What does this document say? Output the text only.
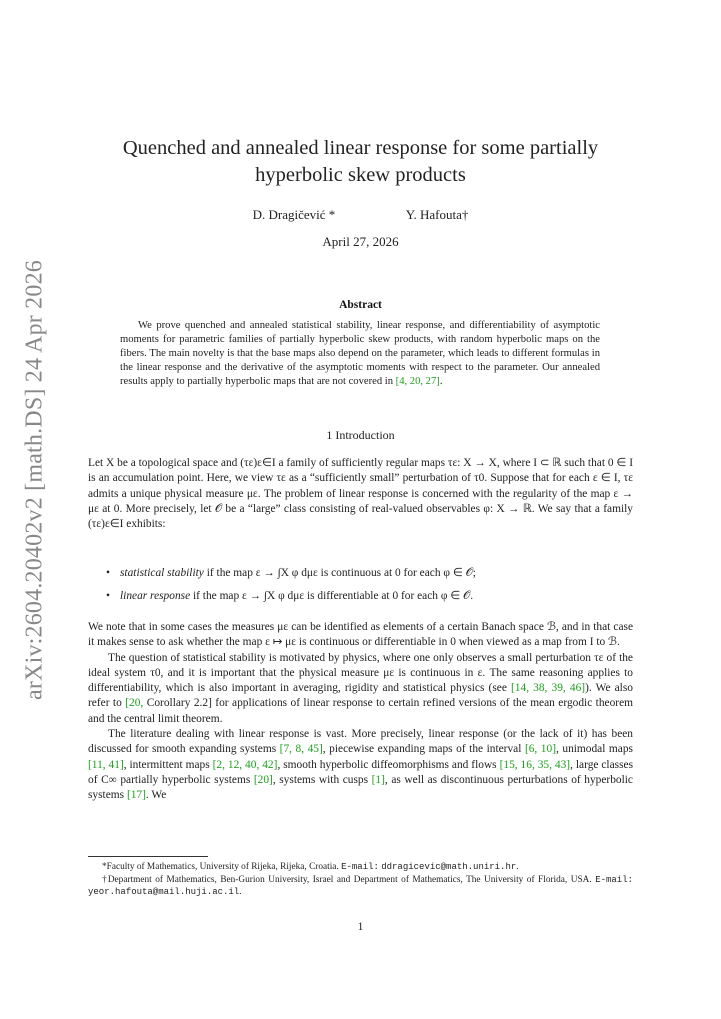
arXiv:2604.20402v2 [math.DS] 24 Apr 2026
Quenched and annealed linear response for some partially
hyperbolic skew products
D. Dragičević *	Y. Hafouta†
April 27, 2026
Abstract
We prove quenched and annealed statistical stability, linear response, and differentiability of asymptotic moments for parametric families of partially hyperbolic skew products, with random hyperbolic maps on the fibers. The main novelty is that the base maps also depend on the parameter, which leads to different formulas in the linear response and the derivative of the asymptotic moments with respect to the parameter. Our annealed results apply to partially hyperbolic maps that are not covered in [4, 20, 27].
1 Introduction

Let X be a topological space and (τε)ε∈I a family of sufficiently regular maps τε: X → X, where I ⊂ ℝ such that 0 ∈ I is an accumulation point. Here, we view τε as a “sufficiently small” perturbation of τ0. Suppose that for each ε ∈ I, τε admits a unique physical measure με. The problem of linear response is concerned with the regularity of the map ε → με at 0. More precisely, let 𝒪 be a “large” class consisting of real-valued observables φ: X → ℝ. We say that a family (τε)ε∈I exhibits:

• statistical stability if the map ε → ∫X φ dμε is continuous at 0 for each φ ∈ 𝒪;
• linear response if the map ε → ∫X φ dμε is differentiable at 0 for each φ ∈ 𝒪.

We note that in some cases the measures με can be identified as elements of a certain Banach space ℬ, and in that case it makes sense to ask whether the map ε ↦ με is continuous or differentiable in 0 when viewed as a map from I to ℬ.

The question of statistical stability is motivated by physics, where one only observes a small perturbation τε of the ideal system τ0, and it is important that the physical measure με is continuous in ε. The same reasoning applies to differentiability, which is also important in averaging, rigidity and statistical physics (see [14, 38, 39, 46]). We also refer to [20, Corollary 2.2] for applications of linear response to certain refined versions of the mean ergodic theorem and the central limit theorem.

The literature dealing with linear response is vast. More precisely, linear response (or the lack of it) has been discussed for smooth expanding systems [7, 8, 45], piecewise expanding maps of the interval [6, 10], unimodal maps [11, 41], intermittent maps [2, 12, 40, 42], smooth hyperbolic diffeomorphisms and flows [15, 16, 35, 43], large classes of C∞ partially hyperbolic systems [20], systems with cusps [1], as well as discontinuous perturbations of hyperbolic systems [17]. We

*Faculty of Mathematics, University of Rijeka, Rijeka, Croatia. E-mail: ddragicevic@math.uniri.hr.

†Department of Mathematics, Ben-Gurion University, Israel and Department of Mathematics, The University of Florida, USA. E-mail: yeor.hafouta@mail.huji.ac.il.

1
